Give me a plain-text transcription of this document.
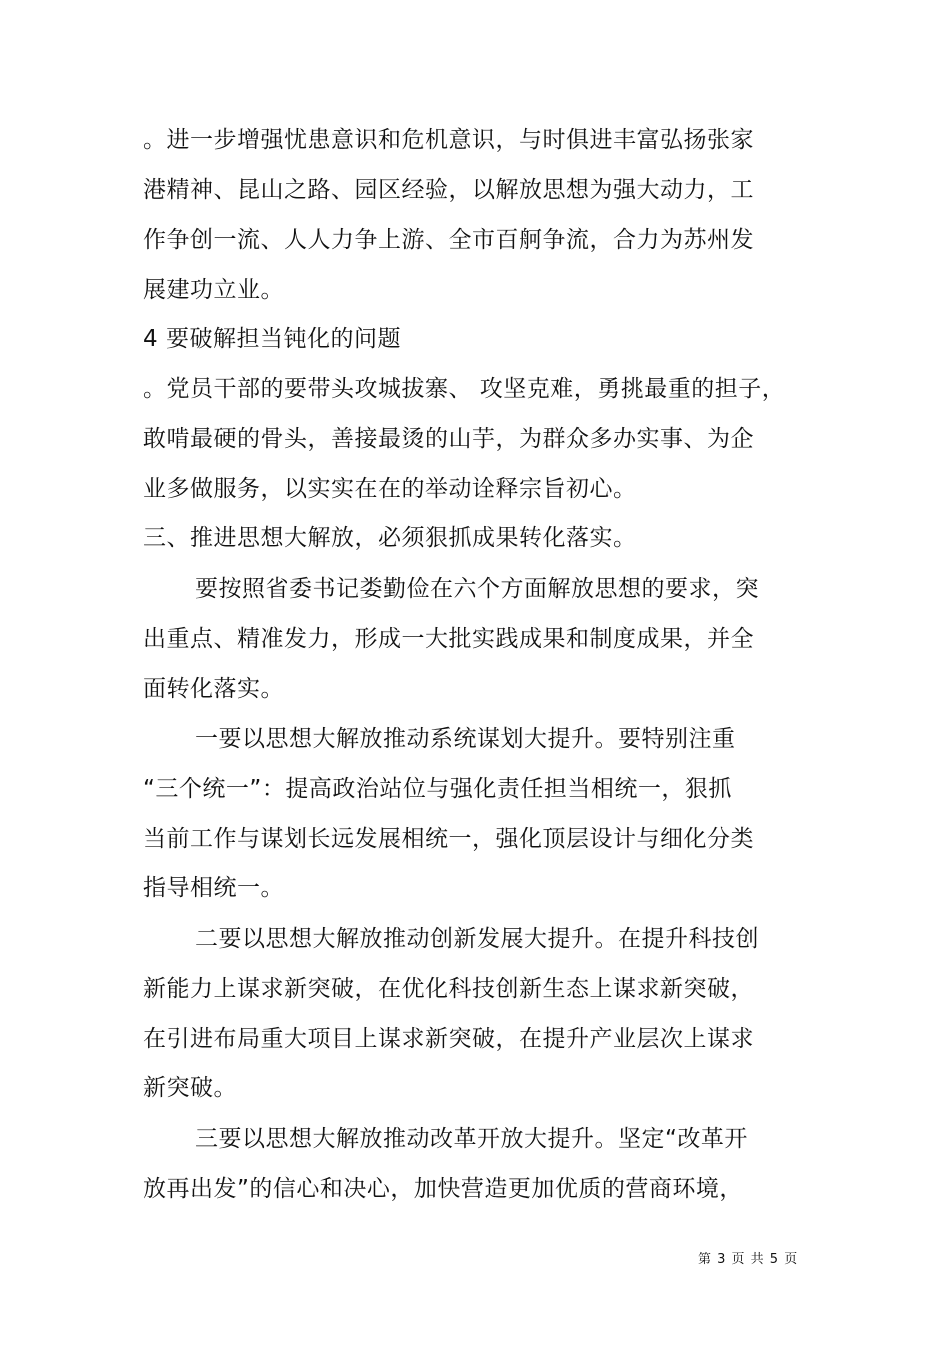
。进一步增强忧患意识和危机意识，与时俱进丰富弘扬张家
港精神、昆山之路、园区经验，以解放思想为强大动力，工
作争创一流、人人力争上游、全市百舸争流，合力为苏州发
展建功立业。
4 要破解担当钝化的问题
。党员干部的要带头攻城拔寨、 攻坚克难，勇挑最重的担子，
敢啃最硬的骨头，善接最烫的山芋，为群众多办实事、为企
业多做服务，以实实在在的举动诠释宗旨初心。
三、推进思想大解放，必须狠抓成果转化落实。
要按照省委书记娄勤俭在六个方面解放思想的要求，突
出重点、精准发力，形成一大批实践成果和制度成果，并全
面转化落实。
一要以思想大解放推动系统谋划大提升。要特别注重
“三个统一”：提高政治站位与强化责任担当相统一，狠抓
当前工作与谋划长远发展相统一，强化顶层设计与细化分类
指导相统一。
二要以思想大解放推动创新发展大提升。在提升科技创
新能力上谋求新突破，在优化科技创新生态上谋求新突破，
在引进布局重大项目上谋求新突破，在提升产业层次上谋求
新突破。
三要以思想大解放推动改革开放大提升。坚定“改革开
放再出发”的信心和决心，加快营造更加优质的营商环境，
第 3 页 共 5 页
